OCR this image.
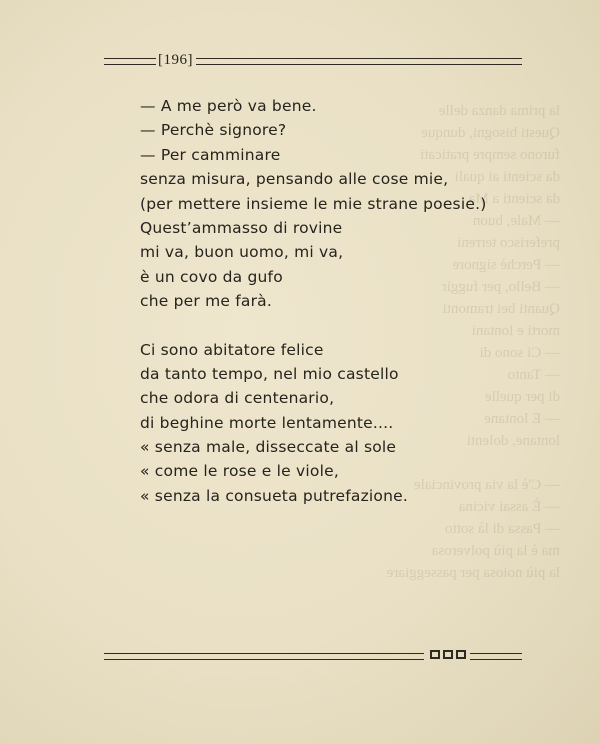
la prima danza delle
Questi bisogni, dunque
furono sempre praticati
da scienti ai quali
da scienti a Ma
— Male, buon
preferisco terreni
— Perchè signore
— Bello, per fuggir
Quanti bei tramonti
morti e lontani
— Ci sono di
— Tanto
di per quelle
— E lontane
lontane, dolenti

— C'è la via provinciale
— È assai vicina
— Passa di là sotto
ma è la più polverosa
la più noiosa per passeggiare
[196]
— A me però va bene.
— Perchè signore?
— Per camminare
senza misura, pensando alle cose mie,
(per mettere insieme le mie strane poesie.)
Quest’ammasso di rovine
mi va, buon uomo, mi va,
è un covo da gufo
che per me farà.
Ci sono abitatore felice
da tanto tempo, nel mio castello
che odora di centenario,
di beghine morte lentamente....
« senza male, disseccate al sole
« come le rose e le viole,
« senza la consueta putrefazione.
